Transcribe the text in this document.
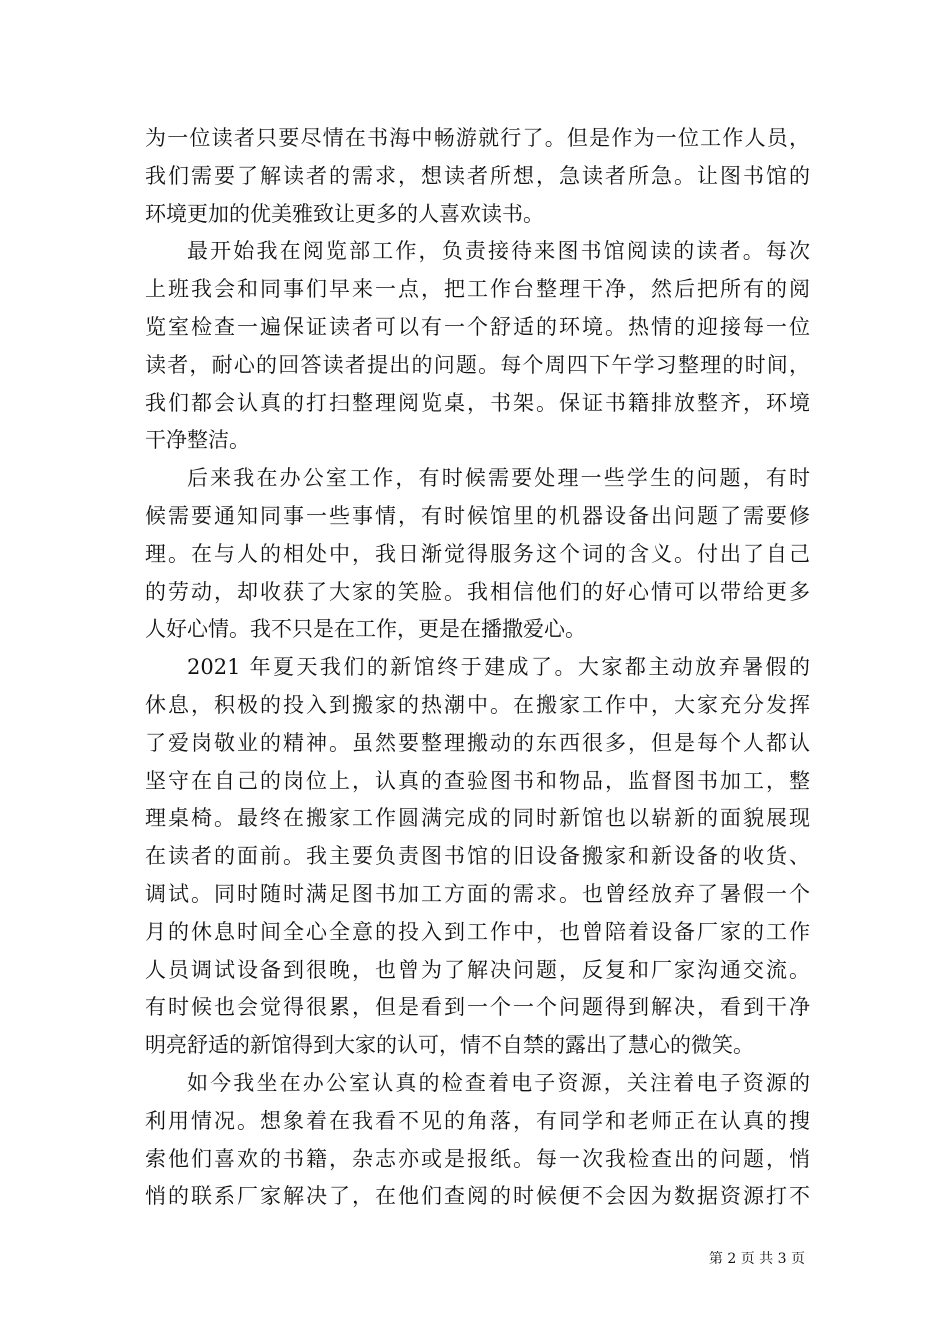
为一位读者只要尽情在书海中畅游就行了。但是作为一位工作人员，
我们需要了解读者的需求，想读者所想，急读者所急。让图书馆的
环境更加的优美雅致让更多的人喜欢读书。
最开始我在阅览部工作，负责接待来图书馆阅读的读者。每次
上班我会和同事们早来一点，把工作台整理干净，然后把所有的阅
览室检查一遍保证读者可以有一个舒适的环境。热情的迎接每一位
读者，耐心的回答读者提出的问题。每个周四下午学习整理的时间，
我们都会认真的打扫整理阅览桌，书架。保证书籍排放整齐，环境
干净整洁。
后来我在办公室工作，有时候需要处理一些学生的问题，有时
候需要通知同事一些事情，有时候馆里的机器设备出问题了需要修
理。在与人的相处中，我日渐觉得服务这个词的含义。付出了自己
的劳动，却收获了大家的笑脸。我相信他们的好心情可以带给更多
人好心情。我不只是在工作，更是在播撒爱心。
2021 年夏天我们的新馆终于建成了。大家都主动放弃暑假的
休息，积极的投入到搬家的热潮中。在搬家工作中，大家充分发挥
了爱岗敬业的精神。虽然要整理搬动的东西很多，但是每个人都认
坚守在自己的岗位上，认真的查验图书和物品，监督图书加工，整
理桌椅。最终在搬家工作圆满完成的同时新馆也以崭新的面貌展现
在读者的面前。我主要负责图书馆的旧设备搬家和新设备的收货、
调试。同时随时满足图书加工方面的需求。也曾经放弃了暑假一个
月的休息时间全心全意的投入到工作中，也曾陪着设备厂家的工作
人员调试设备到很晚，也曾为了解决问题，反复和厂家沟通交流。
有时候也会觉得很累，但是看到一个一个问题得到解决，看到干净
明亮舒适的新馆得到大家的认可，情不自禁的露出了慧心的微笑。
如今我坐在办公室认真的检查着电子资源，关注着电子资源的
利用情况。想象着在我看不见的角落，有同学和老师正在认真的搜
索他们喜欢的书籍，杂志亦或是报纸。每一次我检查出的问题，悄
悄的联系厂家解决了，在他们查阅的时候便不会因为数据资源打不
第 2 页 共 3 页
